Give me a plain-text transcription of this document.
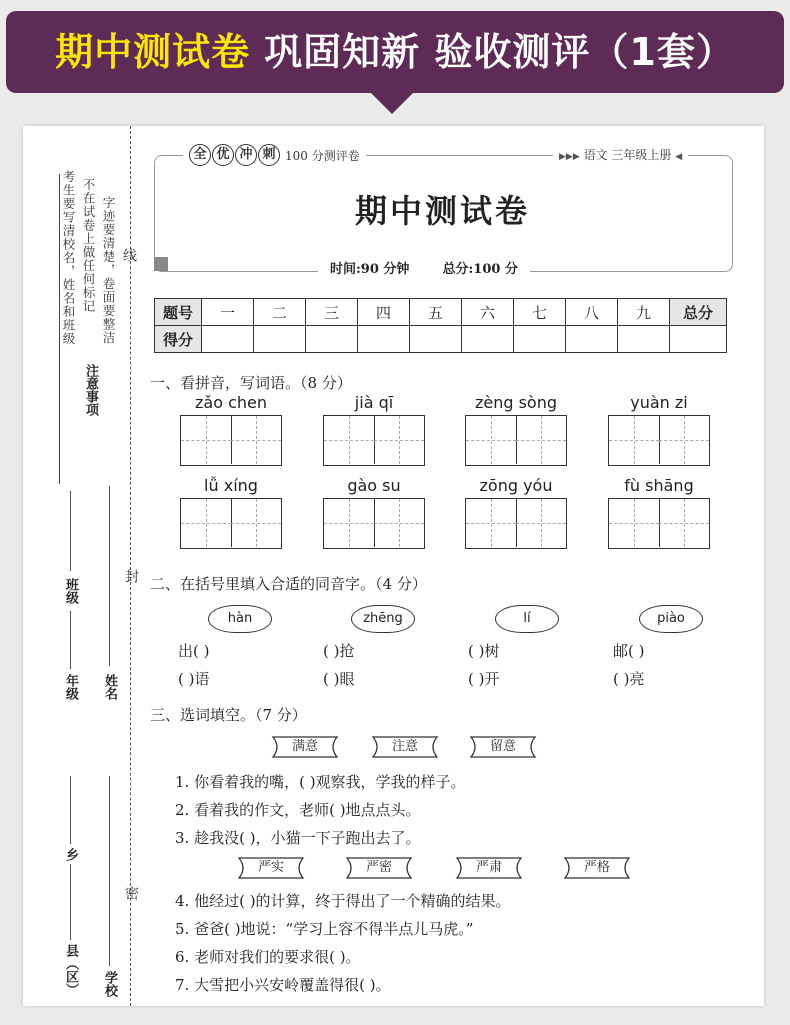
期中测试卷 巩固知新 验收测评（1套）
考生要写清校名，姓名和班级 不在试卷上做任何标记 字迹要清楚，卷面要整洁 线
注意事项
封
密
班级
年级 姓名
乡
县（区） 学校
全 优 冲 刺 100 分测评卷	▶▶▶ 语文 三年级上册 ◀
期中测试卷
时间:90 分钟	总分:100 分
题号	一	二	三	四	五	六	七	八	九	总分
得分										
一、看拼音，写词语。（8 分）
zǎo chen	jià qī	zèng sòng	yuàn zi
lǚ xíng	gào su	zōng yóu	fù shāng
二、在括号里填入合适的同音字。（4 分）
hàn	zhēng	lí	piào
出( )	( )抢	( )树	邮( )
( )语	( )眼	( )开	( )亮
三、选词填空。（7 分）
满意	注意	留意
1. 你看着我的嘴，( )观察我，学我的样子。
2. 看着我的作文，老师( )地点点头。
3. 趁我没( )，小猫一下子跑出去了。
严实	严密	严肃	严格
4. 他经过( )的计算，终于得出了一个精确的结果。
5. 爸爸( )地说：“学习上容不得半点儿马虎。”
6. 老师对我们的要求很( )。
7. 大雪把小兴安岭覆盖得很( )。
